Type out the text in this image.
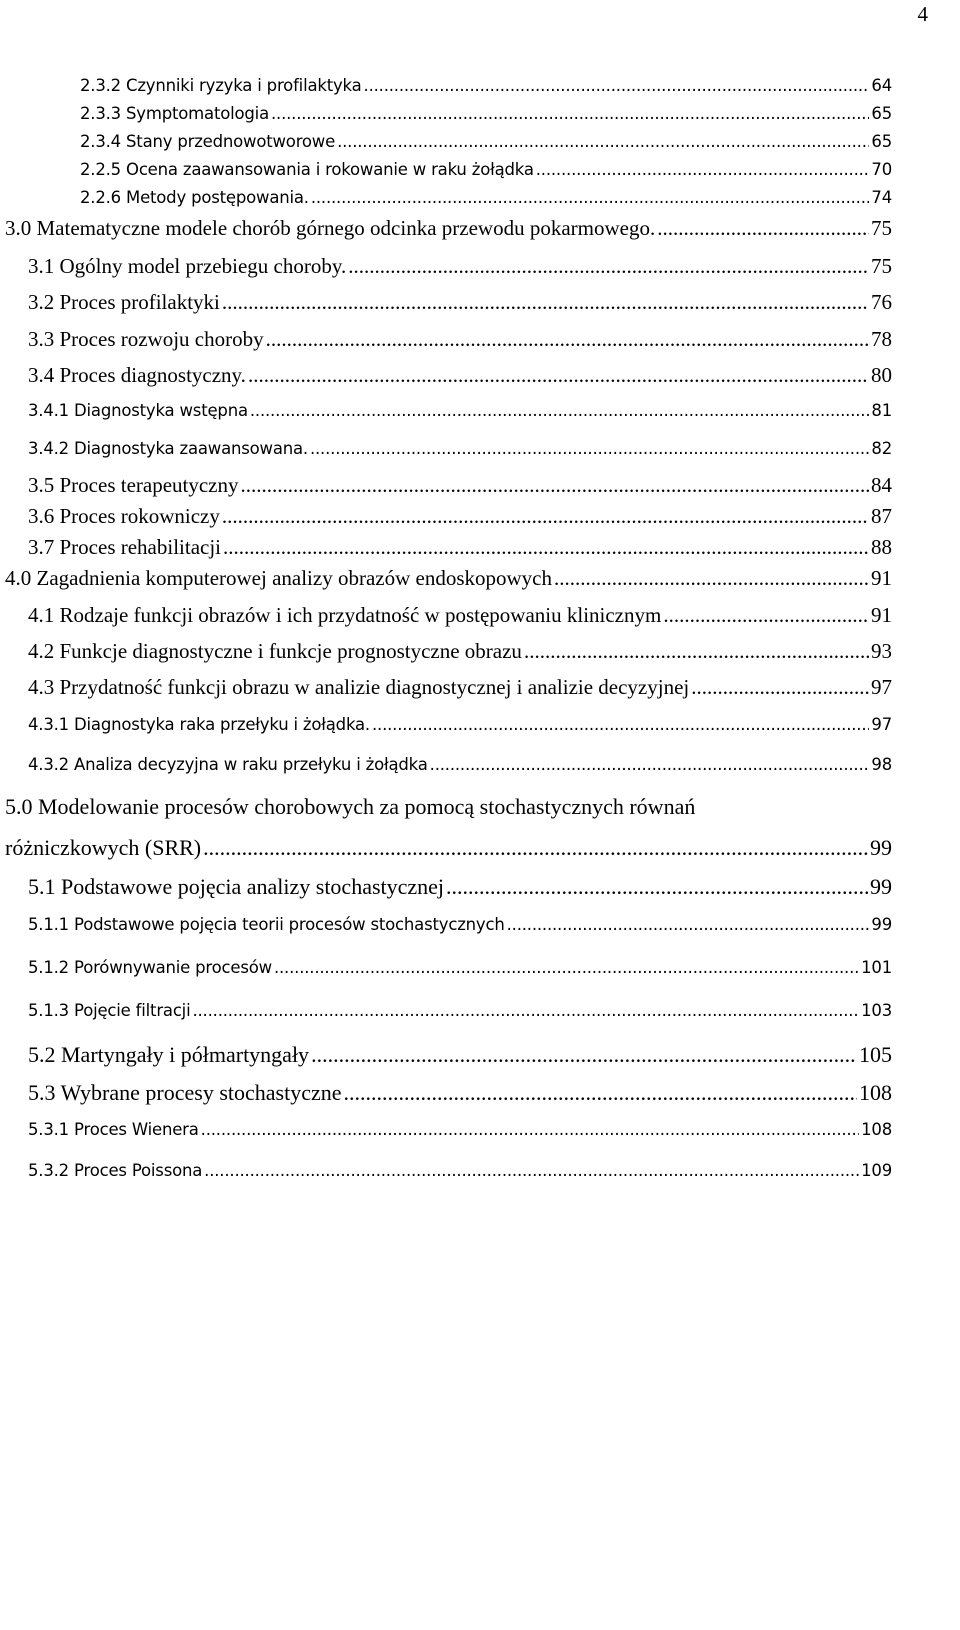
4
2.3.2 Czynniki ryzyka i profilaktyka .....	64
2.3.3 Symptomatologia .....	65
2.3.4 Stany przednowotworowe .....	65
2.2.5 Ocena zaawansowania i rokowanie w raku żołądka .....	70
2.2.6 Metody postępowania. .....	74
3.0 Matematyczne modele chorób górnego odcinka przewodu pokarmowego. .....	75
3.1 Ogólny model przebiegu choroby. .....	75
3.2 Proces profilaktyki .....	76
3.3 Proces rozwoju choroby .....	78
3.4 Proces diagnostyczny. .....	80
3.4.1 Diagnostyka wstępna .....	81
3.4.2 Diagnostyka zaawansowana. .....	82
3.5 Proces terapeutyczny .....	84
3.6 Proces rokowniczy .....	87
3.7 Proces rehabilitacji .....	88
4.0 Zagadnienia komputerowej analizy obrazów endoskopowych .....	91
4.1 Rodzaje funkcji obrazów i ich przydatność w postępowaniu klinicznym .....	91
4.2 Funkcje diagnostyczne i funkcje prognostyczne obrazu .....	93
4.3 Przydatność funkcji obrazu w analizie diagnostycznej i analizie decyzyjnej .....	97
4.3.1 Diagnostyka raka przełyku i żołądka. .....	97
4.3.2 Analiza decyzyjna w raku przełyku i żołądka .....	98
5.0 Modelowanie procesów chorobowych za pomocą stochastycznych równań
różniczkowych (SRR) .....	99
5.1 Podstawowe pojęcia analizy stochastycznej .....	99
5.1.1 Podstawowe pojęcia teorii procesów stochastycznych .....	99
5.1.2 Porównywanie procesów .....	101
5.1.3 Pojęcie filtracji .....	103
5.2 Martyngały i półmartyngały .....	105
5.3 Wybrane procesy stochastyczne .....	108
5.3.1 Proces Wienera .....	108
5.3.2 Proces Poissona .....	109
